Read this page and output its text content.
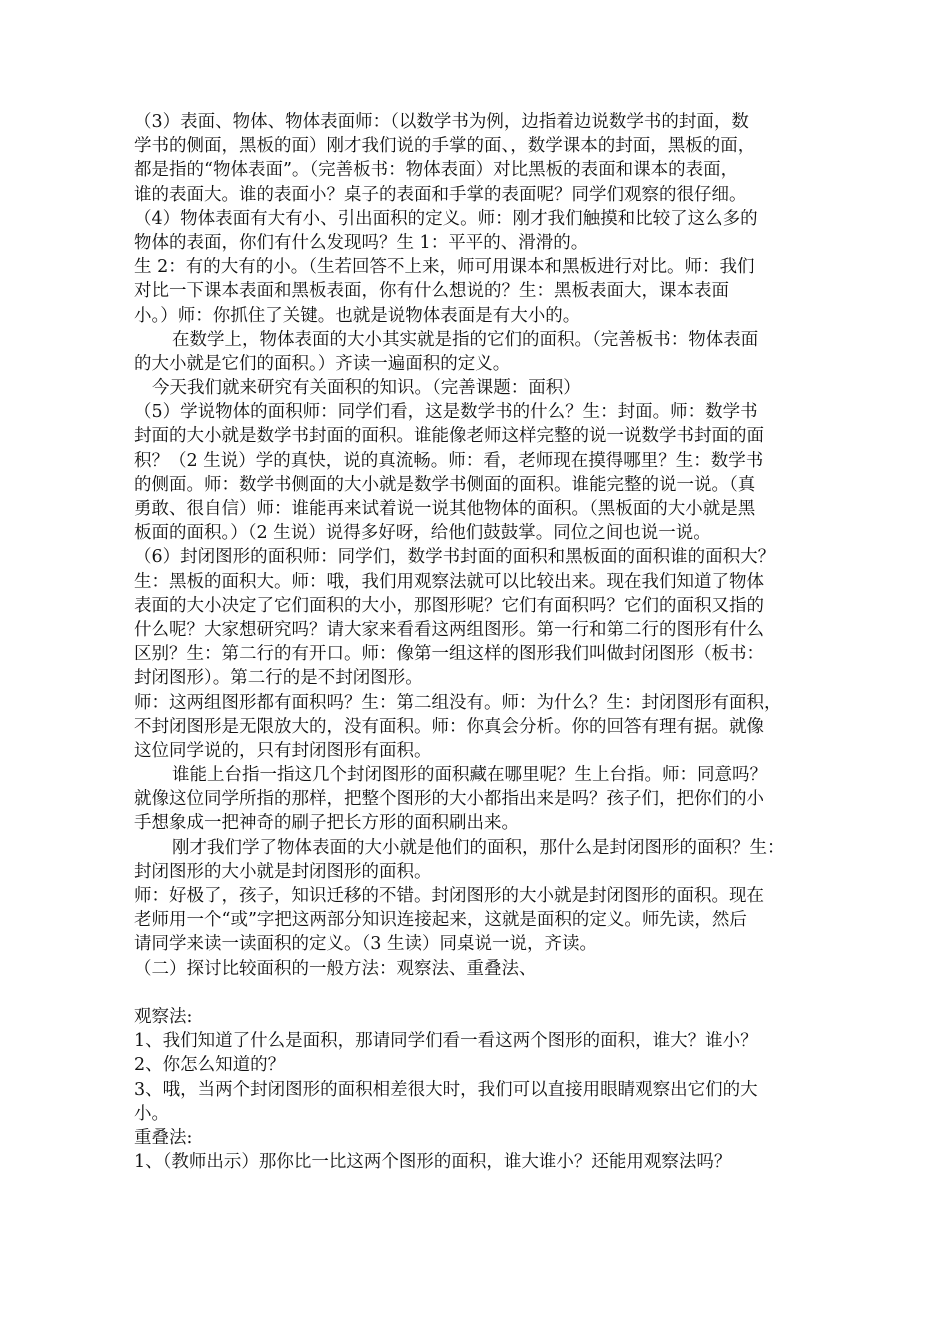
（3）表面、物体、物体表面师：（以数学书为例，边指着边说数学书的封面，数
学书的侧面，黑板的面）刚才我们说的手掌的面、，数学课本的封面，黑板的面，
都是指的“物体表面”。（完善板书：物体表面）对比黑板的表面和课本的表面，
谁的表面大。谁的表面小？桌子的表面和手掌的表面呢？同学们观察的很仔细。
（4）物体表面有大有小、引出面积的定义。师：刚才我们触摸和比较了这么多的
物体的表面，你们有什么发现吗？生 1：平平的、滑滑的。
生 2：有的大有的小。（生若回答不上来，师可用课本和黑板进行对比。师：我们
对比一下课本表面和黑板表面，你有什么想说的？生：黑板表面大，课本表面
小。）师：你抓住了关键。也就是说物体表面是有大小的。
在数学上，物体表面的大小其实就是指的它们的面积。（完善板书：物体表面
的大小就是它们的面积。）齐读一遍面积的定义。
今天我们就来研究有关面积的知识。（完善课题：面积）
（5）学说物体的面积师：同学们看，这是数学书的什么？生：封面。师：数学书
封面的大小就是数学书封面的面积。谁能像老师这样完整的说一说数学书封面的面
积？（2 生说）学的真快，说的真流畅。师：看，老师现在摸得哪里？生：数学书
的侧面。师：数学书侧面的大小就是数学书侧面的面积。谁能完整的说一说。（真
勇敢、很自信）师：谁能再来试着说一说其他物体的面积。（黑板面的大小就是黑
板面的面积。）（2 生说）说得多好呀，给他们鼓鼓掌。同位之间也说一说。
（6）封闭图形的面积师：同学们，数学书封面的面积和黑板面的面积谁的面积大？
生：黑板的面积大。师：哦，我们用观察法就可以比较出来。现在我们知道了物体
表面的大小决定了它们面积的大小，那图形呢？它们有面积吗？它们的面积又指的
什么呢？大家想研究吗？请大家来看看这两组图形。第一行和第二行的图形有什么
区别？生：第二行的有开口。师：像第一组这样的图形我们叫做封闭图形（板书：
封闭图形）。第二行的是不封闭图形。
师：这两组图形都有面积吗？生：第二组没有。师：为什么？生：封闭图形有面积，
不封闭图形是无限放大的，没有面积。师：你真会分析。你的回答有理有据。就像
这位同学说的，只有封闭图形有面积。
谁能上台指一指这几个封闭图形的面积藏在哪里呢？生上台指。师：同意吗？
就像这位同学所指的那样，把整个图形的大小都指出来是吗？孩子们，把你们的小
手想象成一把神奇的刷子把长方形的面积刷出来。
刚才我们学了物体表面的大小就是他们的面积，那什么是封闭图形的面积？生：
封闭图形的大小就是封闭图形的面积。
师：好极了，孩子，知识迁移的不错。封闭图形的大小就是封闭图形的面积。现在
老师用一个“或”字把这两部分知识连接起来，这就是面积的定义。师先读，然后
请同学来读一读面积的定义。（3 生读）同桌说一说，齐读。
（二）探讨比较面积的一般方法：观察法、重叠法、
观察法:
1、我们知道了什么是面积，那请同学们看一看这两个图形的面积，谁大？谁小？
2、你怎么知道的？
3、哦，当两个封闭图形的面积相差很大时，我们可以直接用眼睛观察出它们的大
小。
重叠法:
1、（教师出示）那你比一比这两个图形的面积，谁大谁小？还能用观察法吗？
